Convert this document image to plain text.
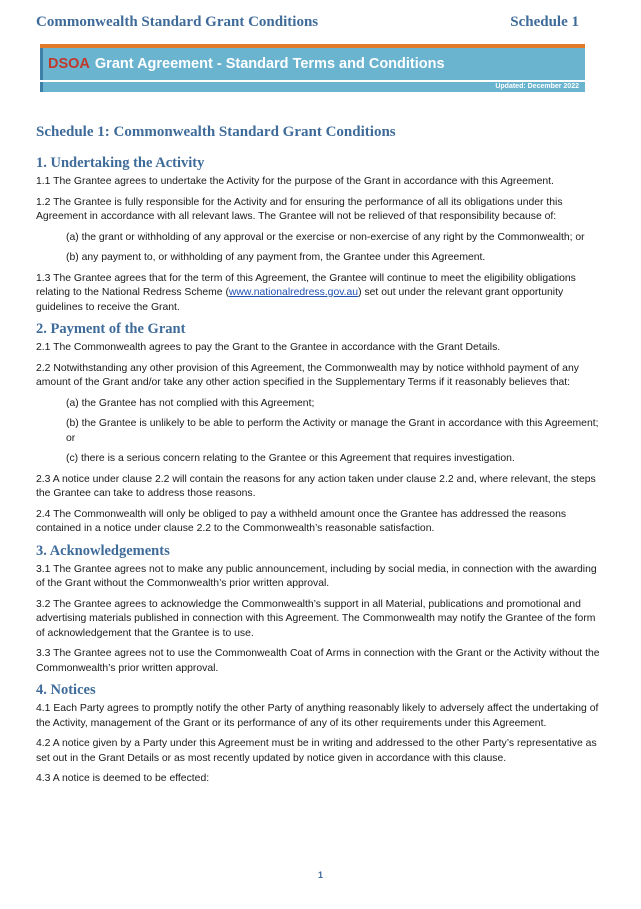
Commonwealth Standard Grant Conditions	Schedule 1
DSOA Grant Agreement - Standard Terms and Conditions
Updated: December 2022
Schedule 1: Commonwealth Standard Grant Conditions
1. Undertaking the Activity

1.1 The Grantee agrees to undertake the Activity for the purpose of the Grant in accordance with this Agreement.

1.2 The Grantee is fully responsible for the Activity and for ensuring the performance of all its obligations under this Agreement in accordance with all relevant laws. The Grantee will not be relieved of that responsibility because of:

(a) the grant or withholding of any approval or the exercise or non-exercise of any right by the Commonwealth; or

(b) any payment to, or withholding of any payment from, the Grantee under this Agreement.

1.3 The Grantee agrees that for the term of this Agreement, the Grantee will continue to meet the eligibility obligations relating to the National Redress Scheme (www.nationalredress.gov.au) set out under the relevant grant opportunity guidelines to receive the Grant.

2. Payment of the Grant

2.1 The Commonwealth agrees to pay the Grant to the Grantee in accordance with the Grant Details.

2.2 Notwithstanding any other provision of this Agreement, the Commonwealth may by notice withhold payment of any amount of the Grant and/or take any other action specified in the Supplementary Terms if it reasonably believes that:

(a) the Grantee has not complied with this Agreement;

(b) the Grantee is unlikely to be able to perform the Activity or manage the Grant in accordance with this Agreement; or

(c) there is a serious concern relating to the Grantee or this Agreement that requires investigation.

2.3 A notice under clause 2.2 will contain the reasons for any action taken under clause 2.2 and, where relevant, the steps the Grantee can take to address those reasons.

2.4 The Commonwealth will only be obliged to pay a withheld amount once the Grantee has addressed the reasons contained in a notice under clause 2.2 to the Commonwealth’s reasonable satisfaction.

3. Acknowledgements

3.1 The Grantee agrees not to make any public announcement, including by social media, in connection with the awarding of the Grant without the Commonwealth’s prior written approval.

3.2 The Grantee agrees to acknowledge the Commonwealth’s support in all Material, publications and promotional and advertising materials published in connection with this Agreement. The Commonwealth may notify the Grantee of the form of acknowledgement that the Grantee is to use.

3.3 The Grantee agrees not to use the Commonwealth Coat of Arms in connection with the Grant or the Activity without the Commonwealth’s prior written approval.

4. Notices

4.1 Each Party agrees to promptly notify the other Party of anything reasonably likely to adversely affect the undertaking of the Activity, management of the Grant or its performance of any of its other requirements under this Agreement.

4.2 A notice given by a Party under this Agreement must be in writing and addressed to the other Party’s representative as set out in the Grant Details or as most recently updated by notice given in accordance with this clause.

4.3 A notice is deemed to be effected:

1
